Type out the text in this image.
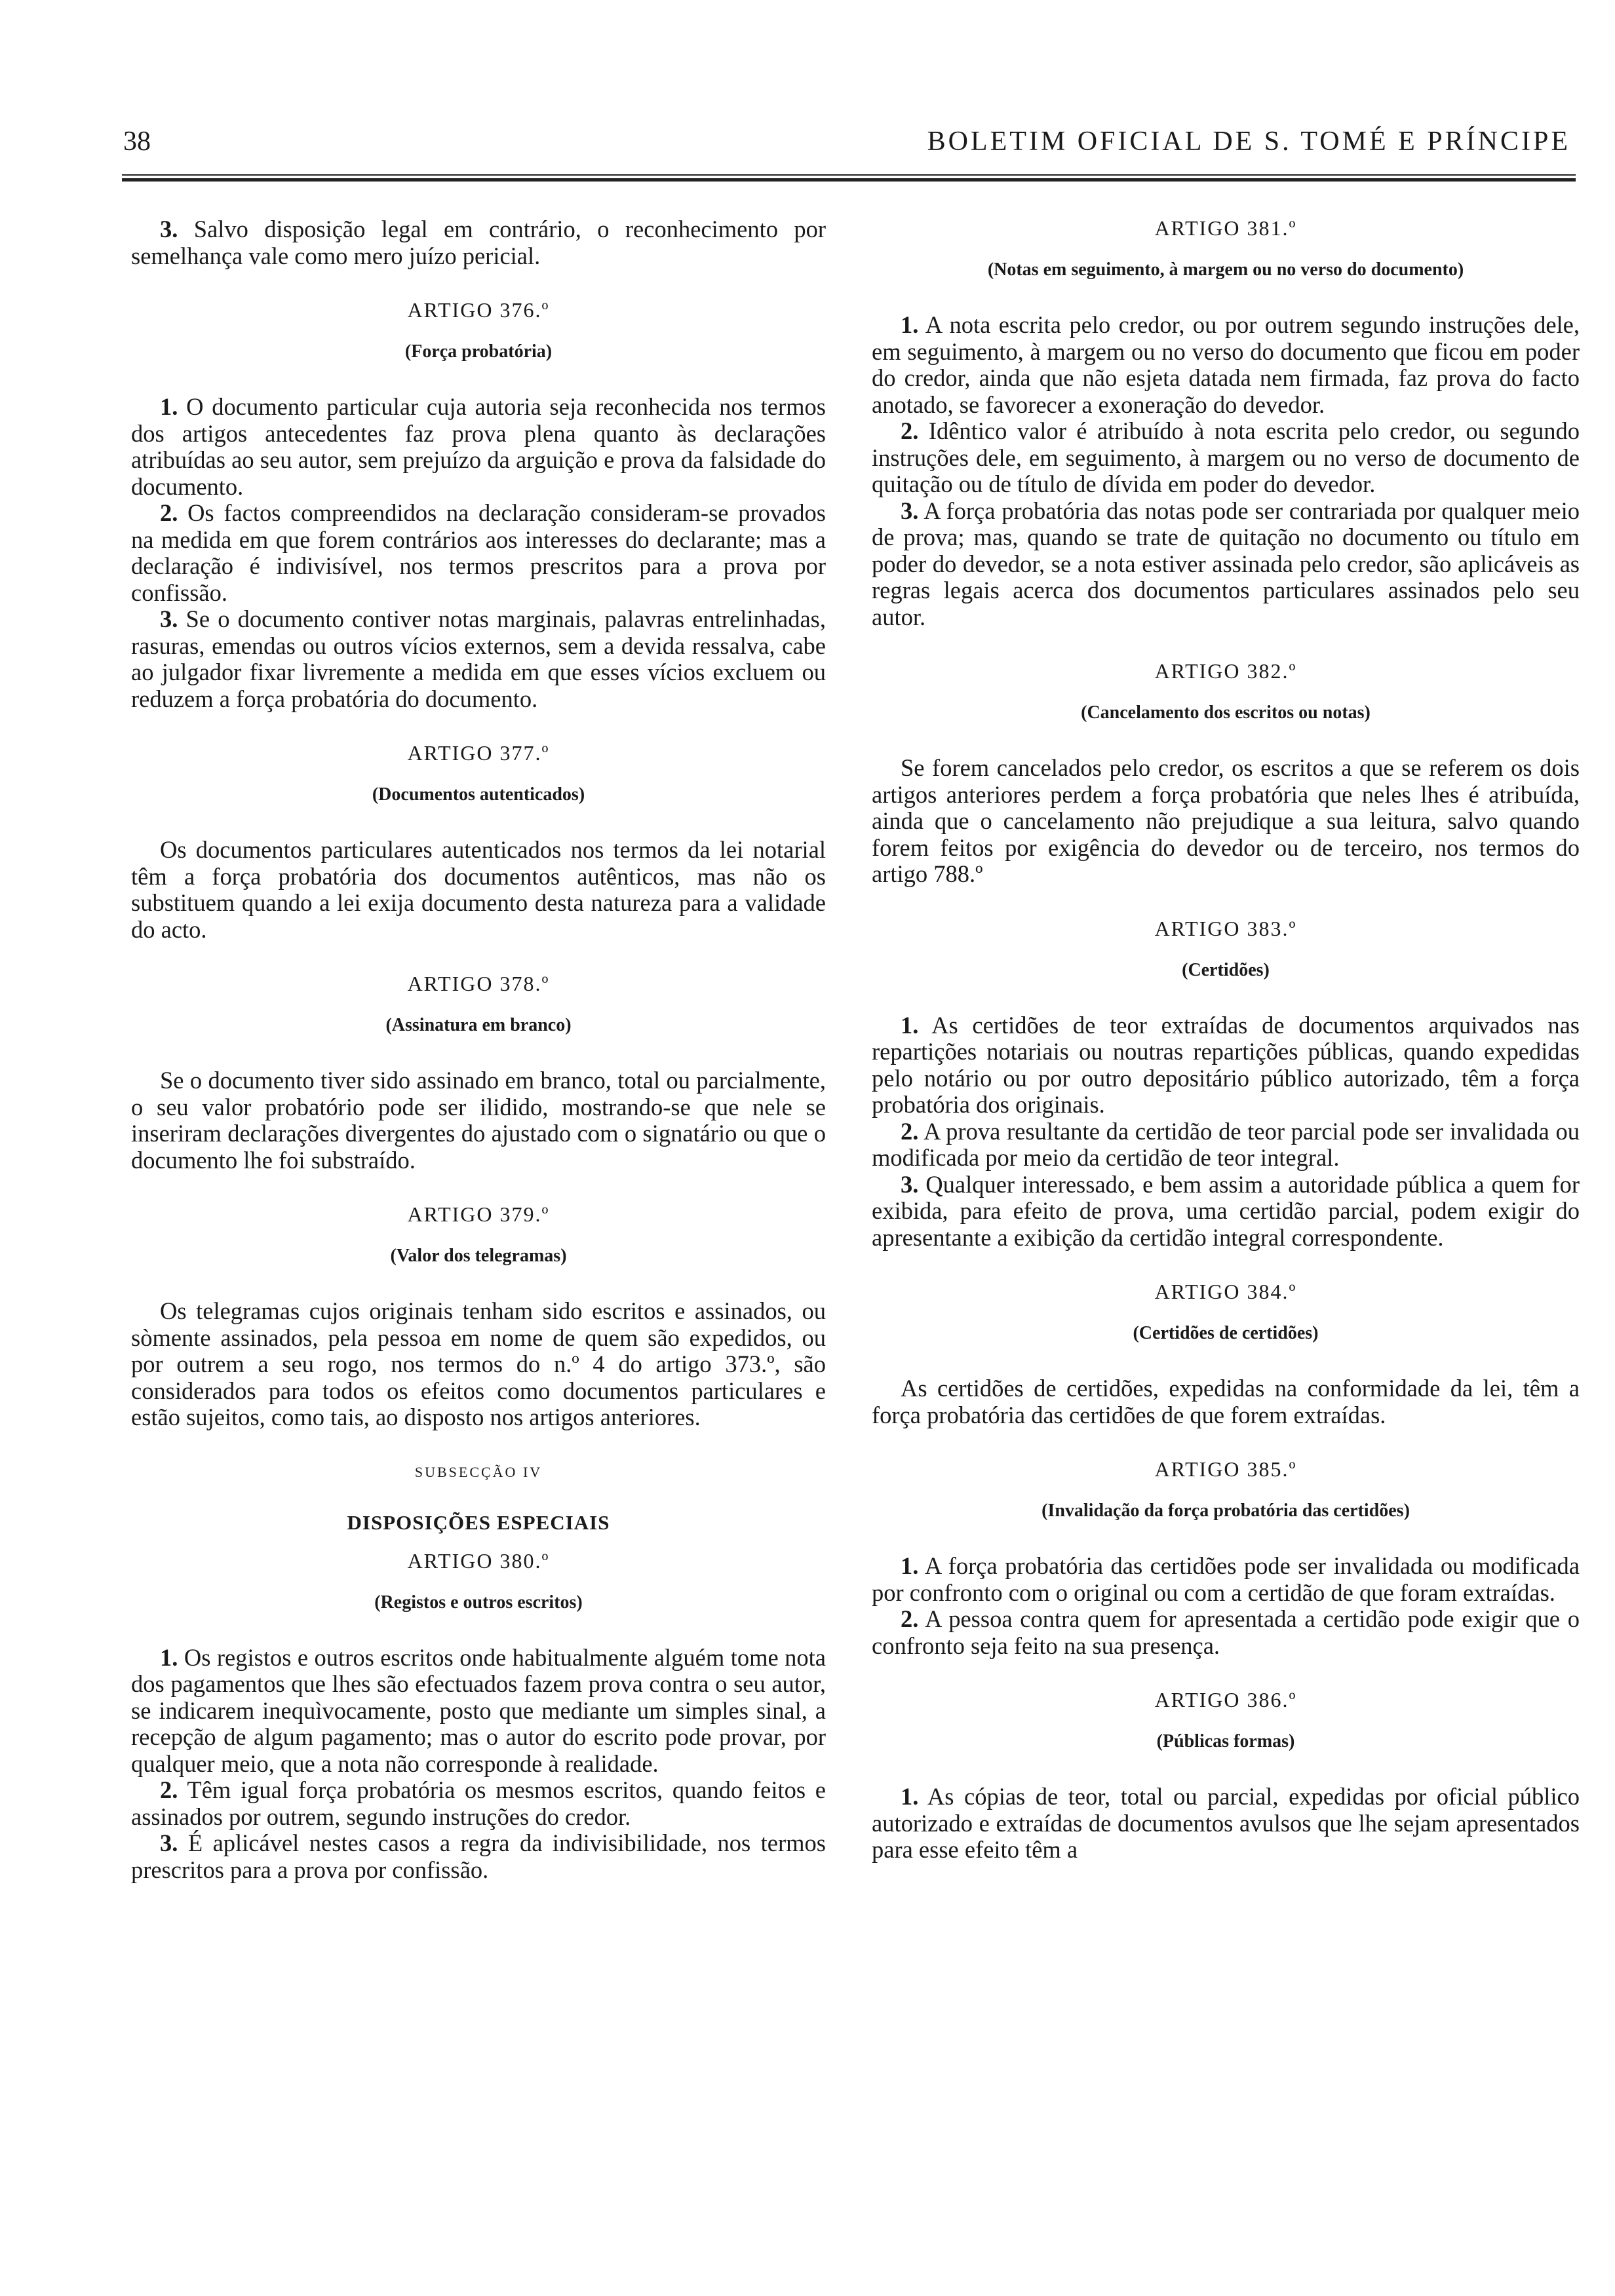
38	BOLETIM OFICIAL DE S. TOMÉ E PRÍNCIPE

3. Salvo disposição legal em contrário, o reconhecimento por semelhança vale como mero juízo pericial.

ARTIGO 376.º
(Força probatória)

1. O documento particular cuja autoria seja reconhecida nos termos dos artigos antecedentes faz prova plena quanto às declarações atribuídas ao seu autor, sem prejuízo da arguição e prova da falsidade do documento.

2. Os factos compreendidos na declaração consideram-se provados na medida em que forem contrários aos interesses do declarante; mas a declaração é indivisível, nos termos prescritos para a prova por confissão.

3. Se o documento contiver notas marginais, palavras entrelinhadas, rasuras, emendas ou outros vícios externos, sem a devida ressalva, cabe ao julgador fixar livremente a medida em que esses vícios excluem ou reduzem a força probatória do documento.

ARTIGO 377.º
(Documentos autenticados)

Os documentos particulares autenticados nos termos da lei notarial têm a força probatória dos documentos autênticos, mas não os substituem quando a lei exija documento desta natureza para a validade do acto.

ARTIGO 378.º
(Assinatura em branco)

Se o documento tiver sido assinado em branco, total ou parcialmente, o seu valor probatório pode ser ilidido, mostrando-se que nele se inseriram declarações divergentes do ajustado com o signatário ou que o documento lhe foi substraído.

ARTIGO 379.º
(Valor dos telegramas)

Os telegramas cujos originais tenham sido escritos e assinados, ou sòmente assinados, pela pessoa em nome de quem são expedidos, ou por outrem a seu rogo, nos termos do n.º 4 do artigo 373.º, são considerados para todos os efeitos como documentos particulares e estão sujeitos, como tais, ao disposto nos artigos anteriores.

SUBSECÇÃO IV
DISPOSIÇÕES ESPECIAIS
ARTIGO 380.º
(Registos e outros escritos)

1. Os registos e outros escritos onde habitualmente alguém tome nota dos pagamentos que lhes são efectuados fazem prova contra o seu autor, se indicarem inequìvocamente, posto que mediante um simples sinal, a recepção de algum pagamento; mas o autor do escrito pode provar, por qualquer meio, que a nota não corresponde à realidade.

2. Têm igual força probatória os mesmos escritos, quando feitos e assinados por outrem, segundo instruções do credor.

3. É aplicável nestes casos a regra da indivisibilidade, nos termos prescritos para a prova por confissão.

ARTIGO 381.º
(Notas em seguimento, à margem ou no verso do documento)

1. A nota escrita pelo credor, ou por outrem segundo instruções dele, em seguimento, à margem ou no verso do documento que ficou em poder do credor, ainda que não esjeta datada nem firmada, faz prova do facto anotado, se favorecer a exoneração do devedor.

2. Idêntico valor é atribuído à nota escrita pelo credor, ou segundo instruções dele, em seguimento, à margem ou no verso de documento de quitação ou de título de dívida em poder do devedor.

3. A força probatória das notas pode ser contrariada por qualquer meio de prova; mas, quando se trate de quitação no documento ou título em poder do devedor, se a nota estiver assinada pelo credor, são aplicáveis as regras legais acerca dos documentos particulares assinados pelo seu autor.

ARTIGO 382.º
(Cancelamento dos escritos ou notas)

Se forem cancelados pelo credor, os escritos a que se referem os dois artigos anteriores perdem a força probatória que neles lhes é atribuída, ainda que o cancelamento não prejudique a sua leitura, salvo quando forem feitos por exigência do devedor ou de terceiro, nos termos do artigo 788.º

ARTIGO 383.º
(Certidões)

1. As certidões de teor extraídas de documentos arquivados nas repartições notariais ou noutras repartições públicas, quando expedidas pelo notário ou por outro depositário público autorizado, têm a força probatória dos originais.

2. A prova resultante da certidão de teor parcial pode ser invalidada ou modificada por meio da certidão de teor integral.

3. Qualquer interessado, e bem assim a autoridade pública a quem for exibida, para efeito de prova, uma certidão parcial, podem exigir do apresentante a exibição da certidão integral correspondente.

ARTIGO 384.º
(Certidões de certidões)

As certidões de certidões, expedidas na conformidade da lei, têm a força probatória das certidões de que forem extraídas.

ARTIGO 385.º
(Invalidação da força probatória das certidões)

1. A força probatória das certidões pode ser invalidada ou modificada por confronto com o original ou com a certidão de que foram extraídas.

2. A pessoa contra quem for apresentada a certidão pode exigir que o confronto seja feito na sua presença.

ARTIGO 386.º
(Públicas formas)

1. As cópias de teor, total ou parcial, expedidas por oficial público autorizado e extraídas de documentos avulsos que lhe sejam apresentados para esse efeito têm a
